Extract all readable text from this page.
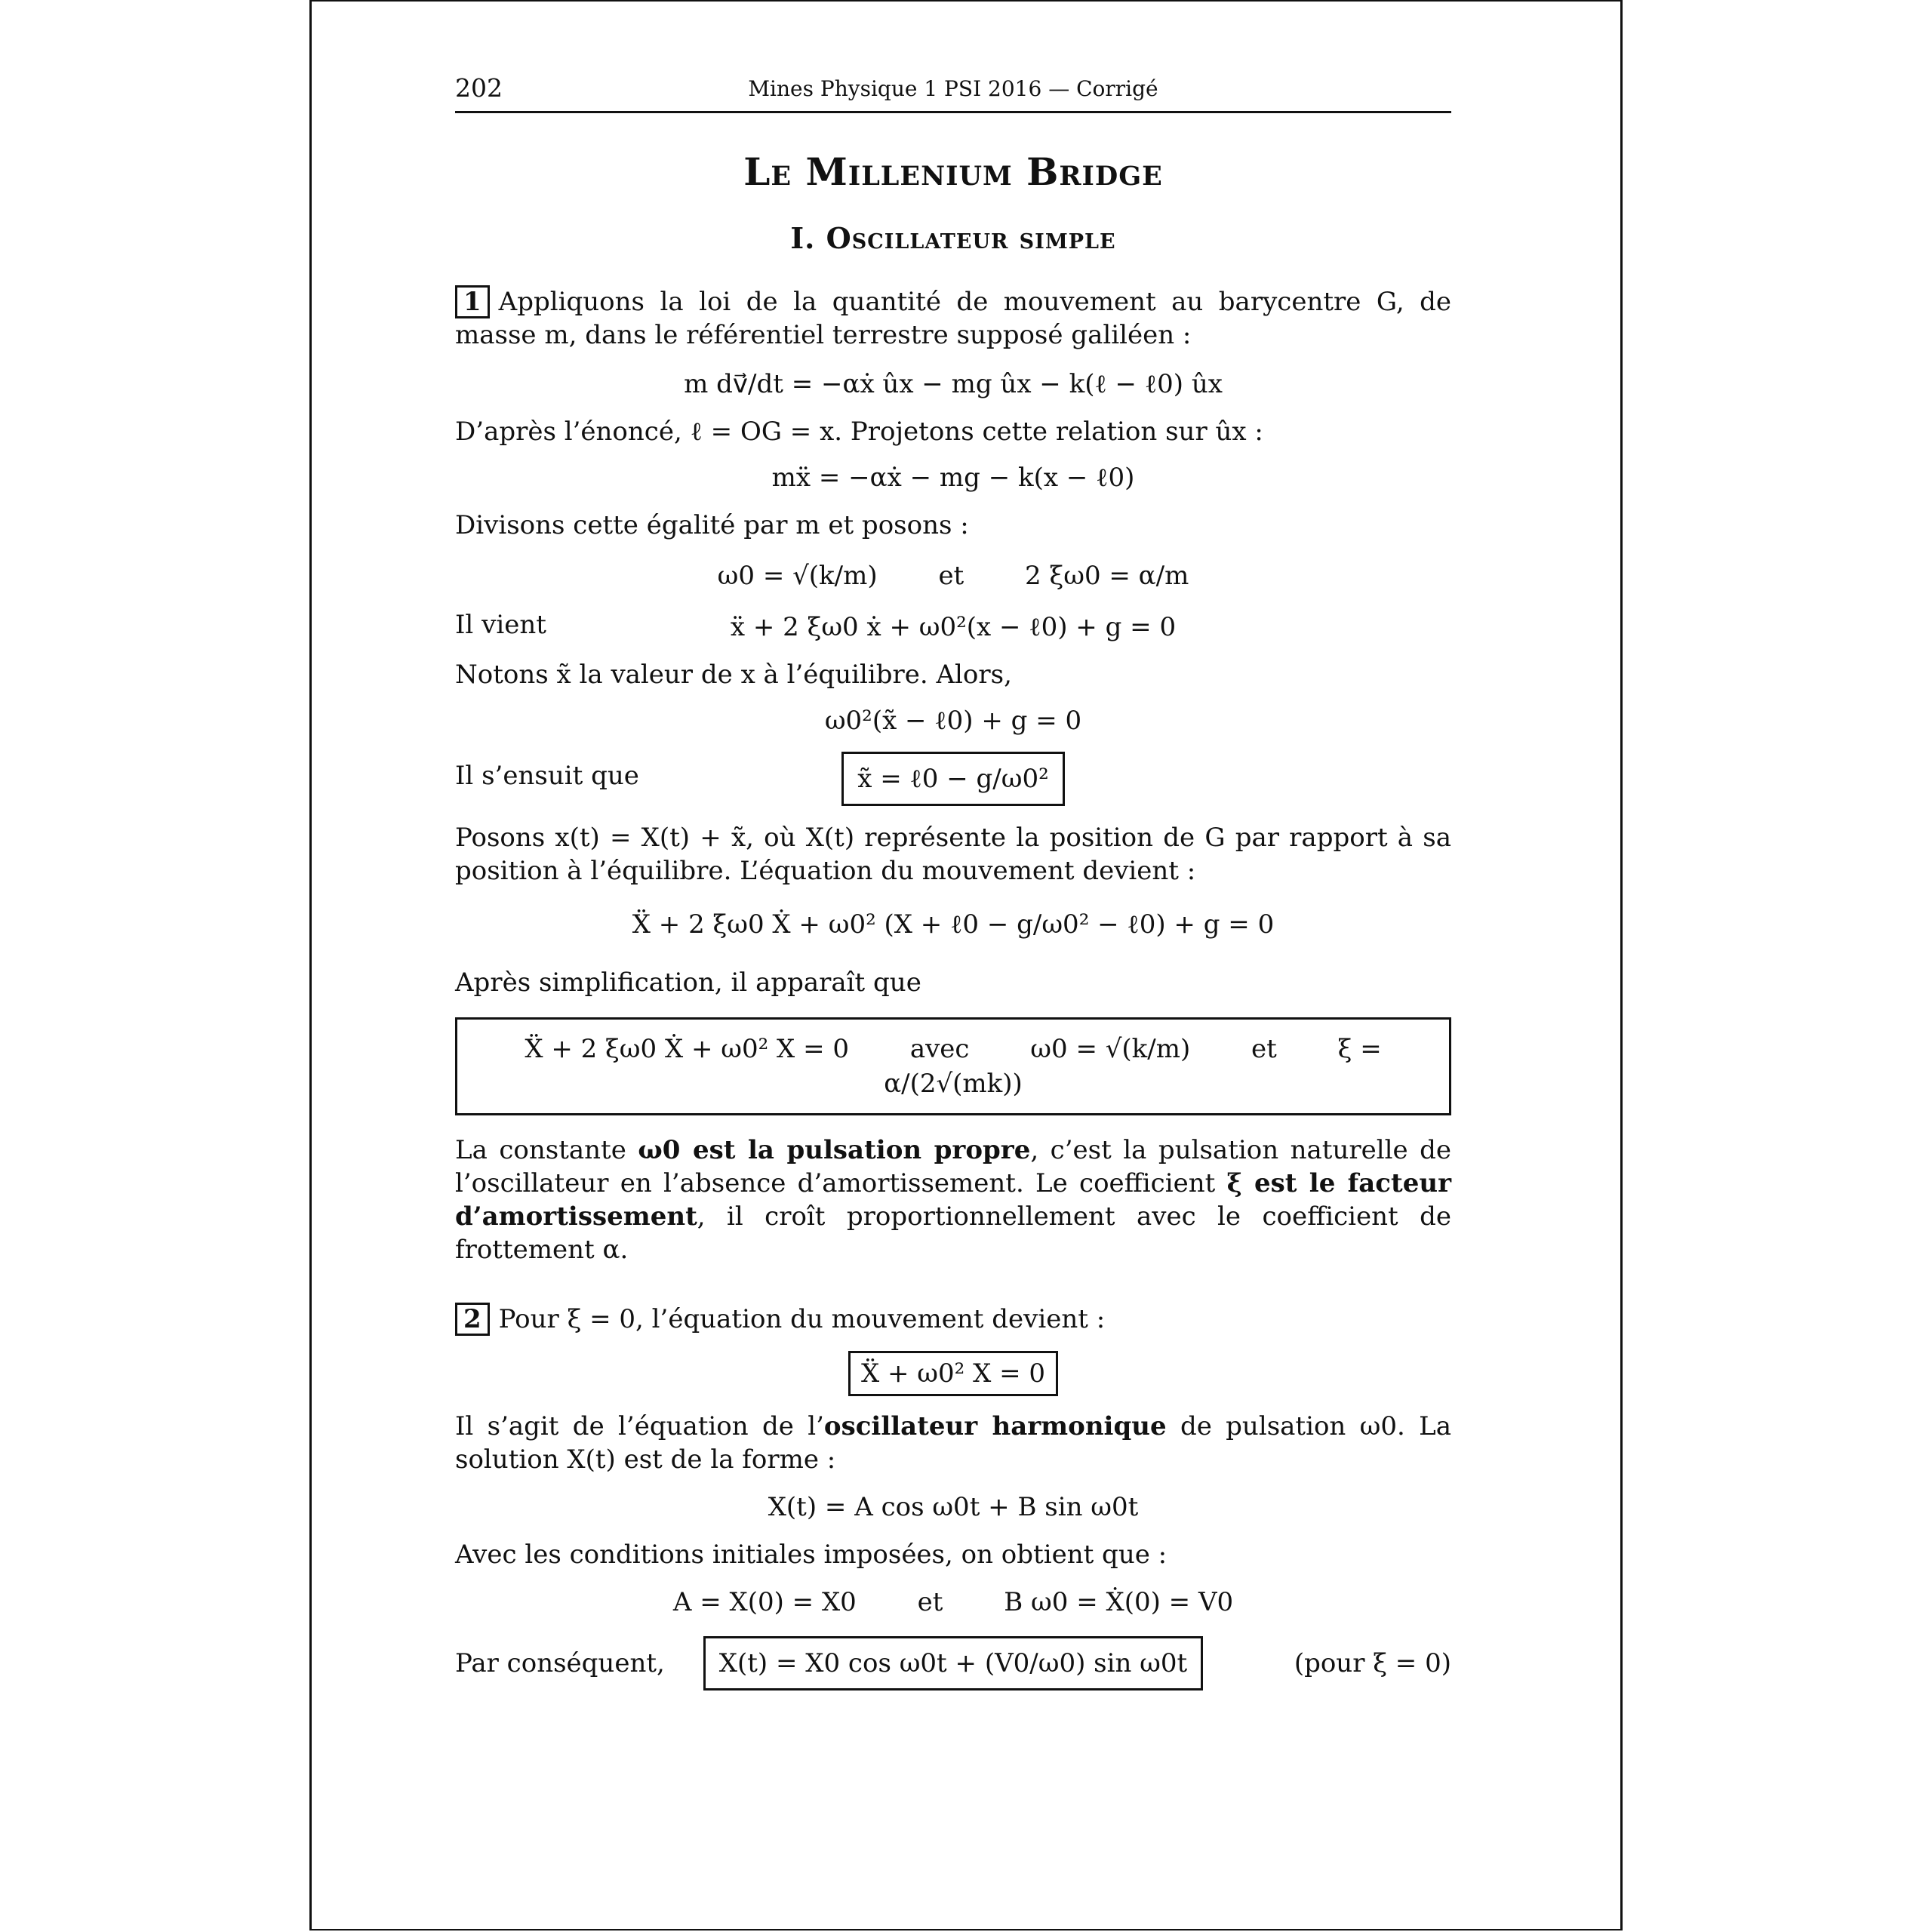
202	Mines Physique 1 PSI 2016 — Corrigé
Le Millenium Bridge
I. Oscillateur simple

1 Appliquons la loi de la quantité de mouvement au barycentre G, de masse m, dans le référentiel terrestre supposé galiléen :

m dv⃗/dt = −αẋ ûx − mg ûx − k(ℓ − ℓ0) ûx

D’après l’énoncé, ℓ = OG = x. Projetons cette relation sur ûx :

mẍ = −αẋ − mg − k(x − ℓ0)

Divisons cette égalité par m et posons :

ω0 = √(k/m) et 2 ξω0 = α/m
Il vient	ẍ + 2 ξω0 ẋ + ω0²(x − ℓ0) + g = 0

Notons x̃ la valeur de x à l’équilibre. Alors,

ω0²(x̃ − ℓ0) + g = 0
Il s’ensuit que	x̃ = ℓ0 − g/ω0²

Posons x(t) = X(t) + x̃, où X(t) représente la position de G par rapport à sa position à l’équilibre. L’équation du mouvement devient :

Ẍ + 2 ξω0 Ẋ + ω0² (X + ℓ0 − g/ω0² − ℓ0) + g = 0

Après simplification, il apparaît que

Ẍ + 2 ξω0 Ẋ + ω0² X = 0 avec ω0 = √(k/m) et ξ = α/(2√(mk))

La constante ω0 est la pulsation propre, c’est la pulsation naturelle de l’oscillateur en l’absence d’amortissement. Le coefficient ξ est le facteur d’amortissement, il croît proportionnellement avec le coefficient de frottement α.

2 Pour ξ = 0, l’équation du mouvement devient :

Ẍ + ω0² X = 0

Il s’agit de l’équation de l’oscillateur harmonique de pulsation ω0. La solution X(t) est de la forme :

X(t) = A cos ω0t + B sin ω0t

Avec les conditions initiales imposées, on obtient que :

A = X(0) = X0 et B ω0 = Ẋ(0) = V0
Par conséquent,	X(t) = X0 cos ω0t + (V0/ω0) sin ω0t	(pour ξ = 0)
